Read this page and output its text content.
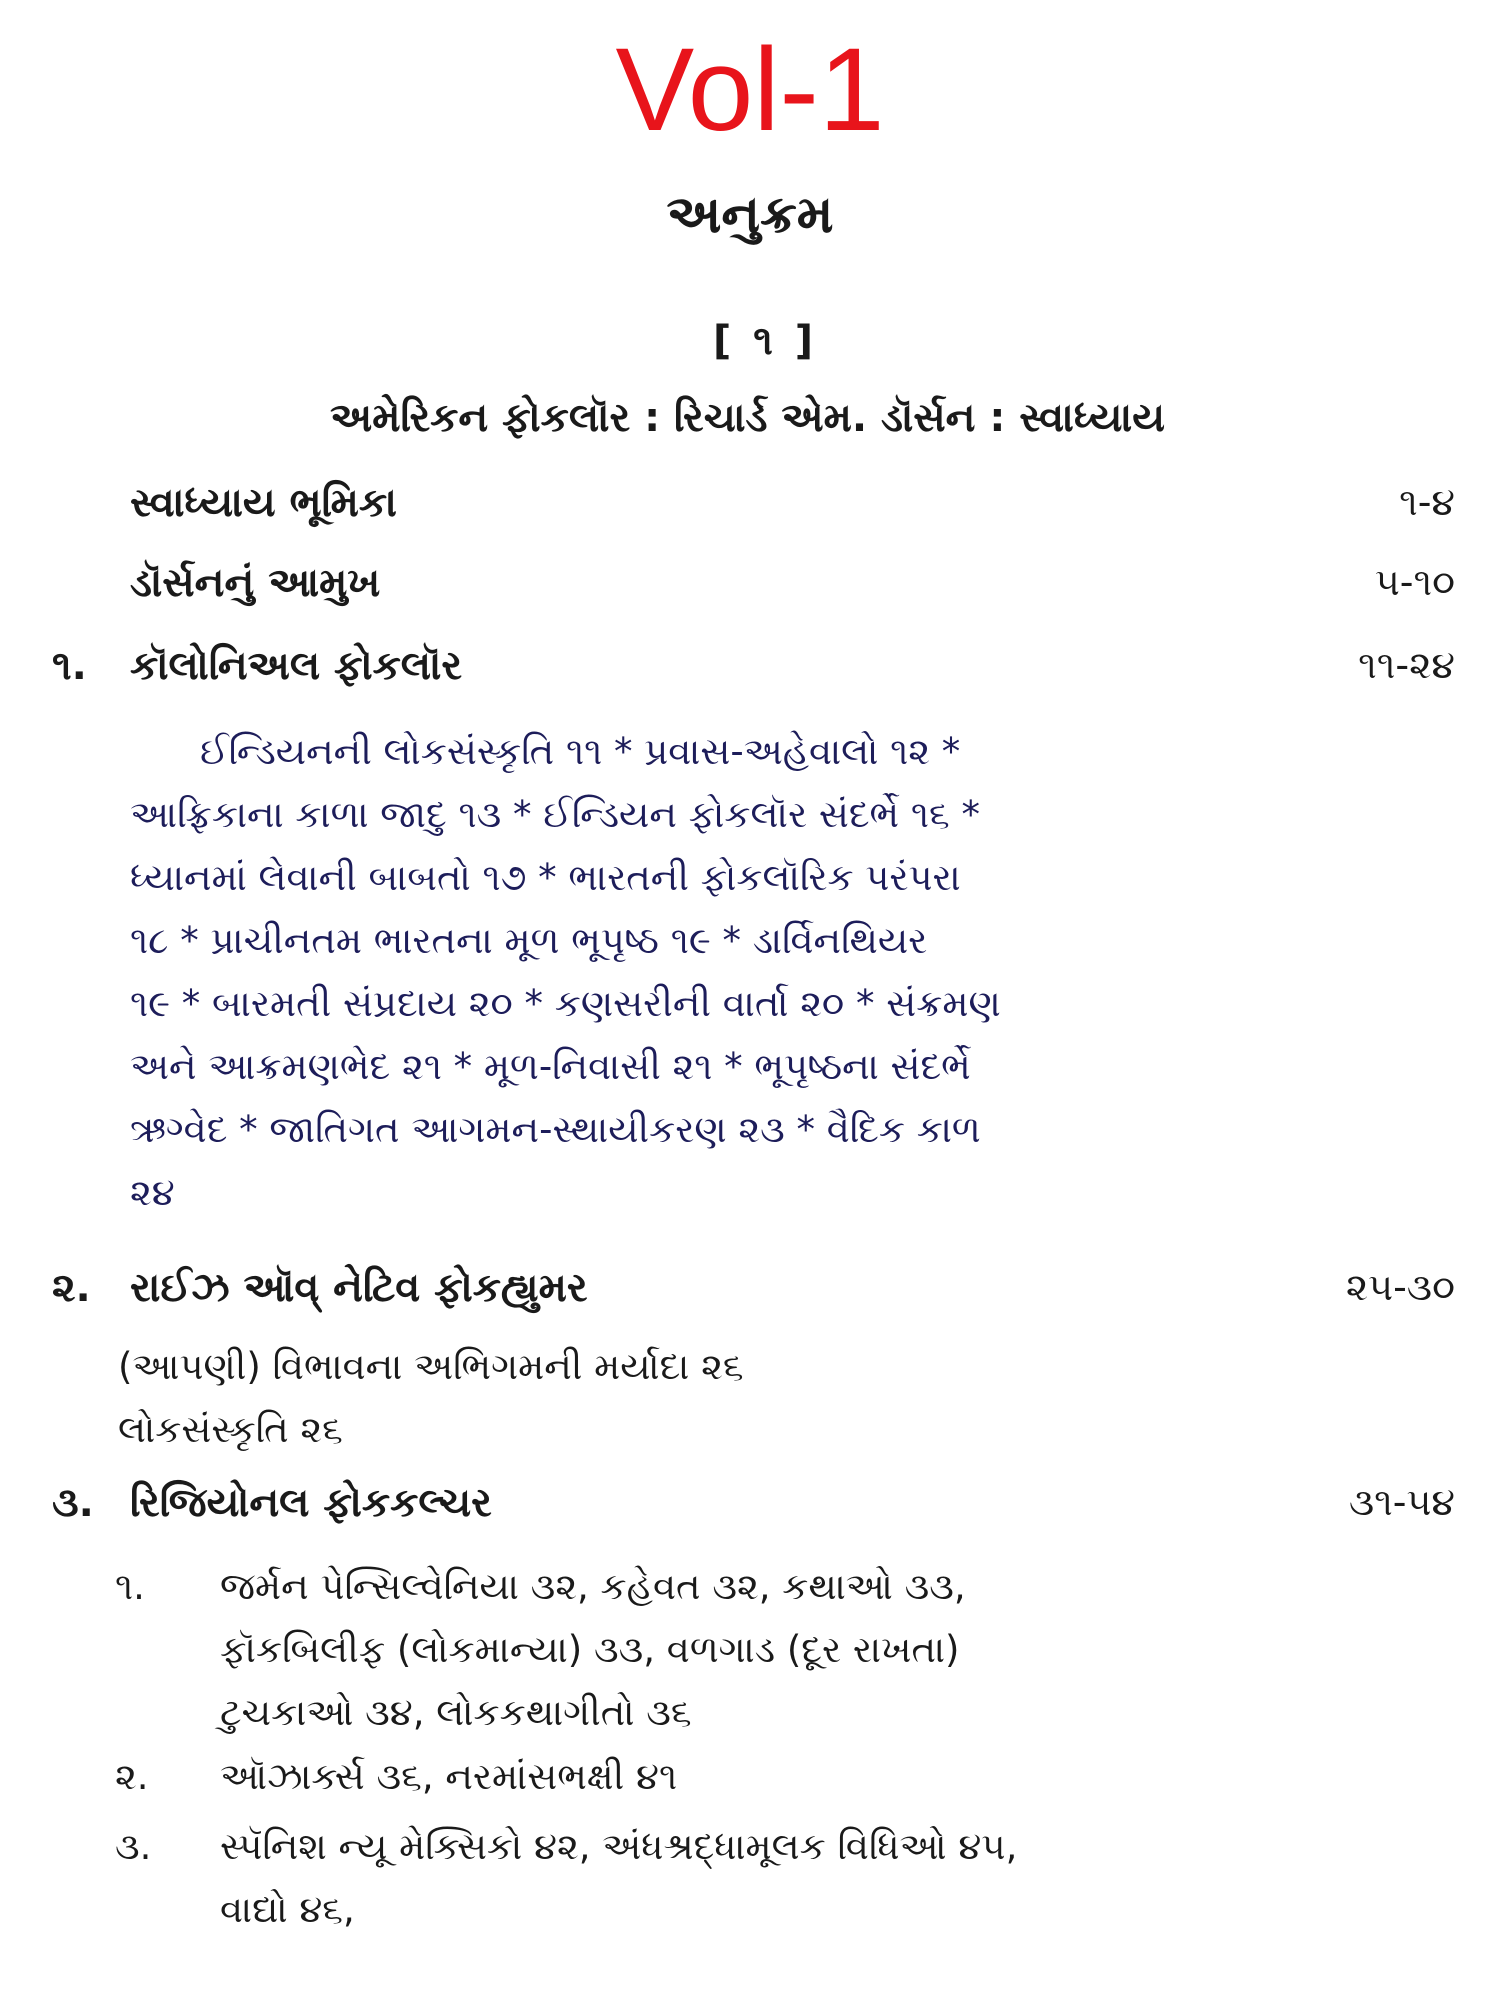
Vol-1
અનુક્રમ
[ ૧ ]
અમેરિકન ફોકલૉર : રિચાર્ડ એમ. ડૉર્સન : સ્વાધ્યાય
સ્વાધ્યાય ભૂમિકા	૧-૪
ડૉર્સનનું આમુખ	૫-૧૦
૧. કૉલોનિઅલ ફોકલૉર	૧૧-૨૪
ઈન્ડિયનની લોકસંસ્કૃતિ ૧૧ * પ્રવાસ-અહેવાલો ૧૨ *
આફ્રિકાના કાળા જાદુ ૧૩ * ઈન્ડિયન ફોકલૉર સંદર્ભે ૧૬ *
ધ્યાનમાં લેવાની બાબતો ૧૭ * ભારતની ફોકલૉરિક પરંપરા
૧૮ * પ્રાચીનતમ ભારતના મૂળ ભૂપૃષ્ઠ ૧૯ * ડાર્વિનથિયર
૧૯ * બારમતી સંપ્રદાય ૨૦ * કણસરીની વાર્તા ૨૦ * સંક્રમણ
અને આક્રમણભેદ ૨૧ * મૂળ-નિવાસી ૨૧ * ભૂપૃષ્ઠના સંદર્ભે
ઋગ્વેદ * જાતિગત આગમન-સ્થાયીકરણ ૨૩ * વૈદિક કાળ
૨૪
૨. રાઈઝ ઑવ્ નેટિવ ફોકહ્યુમર	૨૫-૩૦
(આપણી) વિભાવના અભિગમની મર્યાદા ૨૬
લોકસંસ્કૃતિ ૨૬
૩. રિજિયોનલ ફોકકલ્ચર	૩૧-૫૪
૧. જર્મન પેન્સિલ્વેનિયા ૩૨, કહેવત ૩૨, કથાઓ ૩૩,
ફૉકબિલીફ (લોકમાન્યા) ૩૩, વળગાડ (દૂર રાખતા)
ટુચકાઓ ૩૪, લોકકથાગીતો ૩૬
૨. ઑઝાર્ક્સ ૩૬, નરમાંસભક્ષી ૪૧
૩. સ્પૅનિશ ન્યૂ મેક્સિકો ૪૨, અંધશ્રદ્ધામૂલક વિધિઓ ૪૫,
વાદ્યો ૪૬,
